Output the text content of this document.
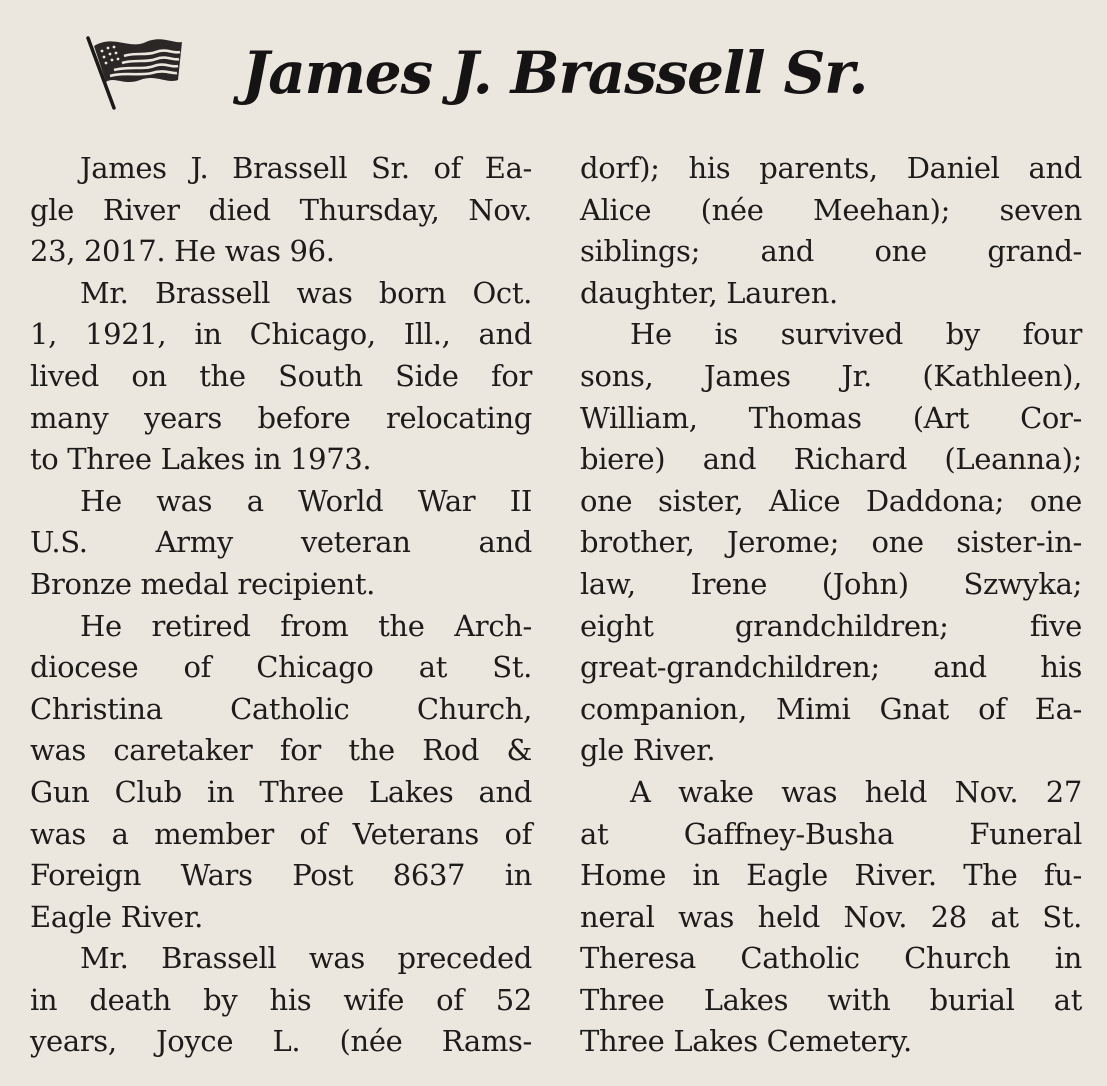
James J. Brassell Sr.
James J. Brassell Sr. of Ea-
gle River died Thursday, Nov.
23, 2017. He was 96.
Mr. Brassell was born Oct.
1, 1921, in Chicago, Ill., and
lived on the South Side for
many years before relocating
to Three Lakes in 1973.
He was a World War II
U.S. Army veteran and
Bronze medal recipient.
He retired from the Arch-
diocese of Chicago at St.
Christina Catholic Church,
was caretaker for the Rod &
Gun Club in Three Lakes and
was a member of Veterans of
Foreign Wars Post 8637 in
Eagle River.
Mr. Brassell was preceded
in death by his wife of 52
years, Joyce L. (née Rams-
dorf); his parents, Daniel and
Alice (née Meehan); seven
siblings; and one grand-
daughter, Lauren.
He is survived by four
sons, James Jr. (Kathleen),
William, Thomas (Art Cor-
biere) and Richard (Leanna);
one sister, Alice Daddona; one
brother, Jerome; one sister-in-
law, Irene (John) Szwyka;
eight grandchildren; five
great-grandchildren; and his
companion, Mimi Gnat of Ea-
gle River.
A wake was held Nov. 27
at Gaffney-Busha Funeral
Home in Eagle River. The fu-
neral was held Nov. 28 at St.
Theresa Catholic Church in
Three Lakes with burial at
Three Lakes Cemetery.
